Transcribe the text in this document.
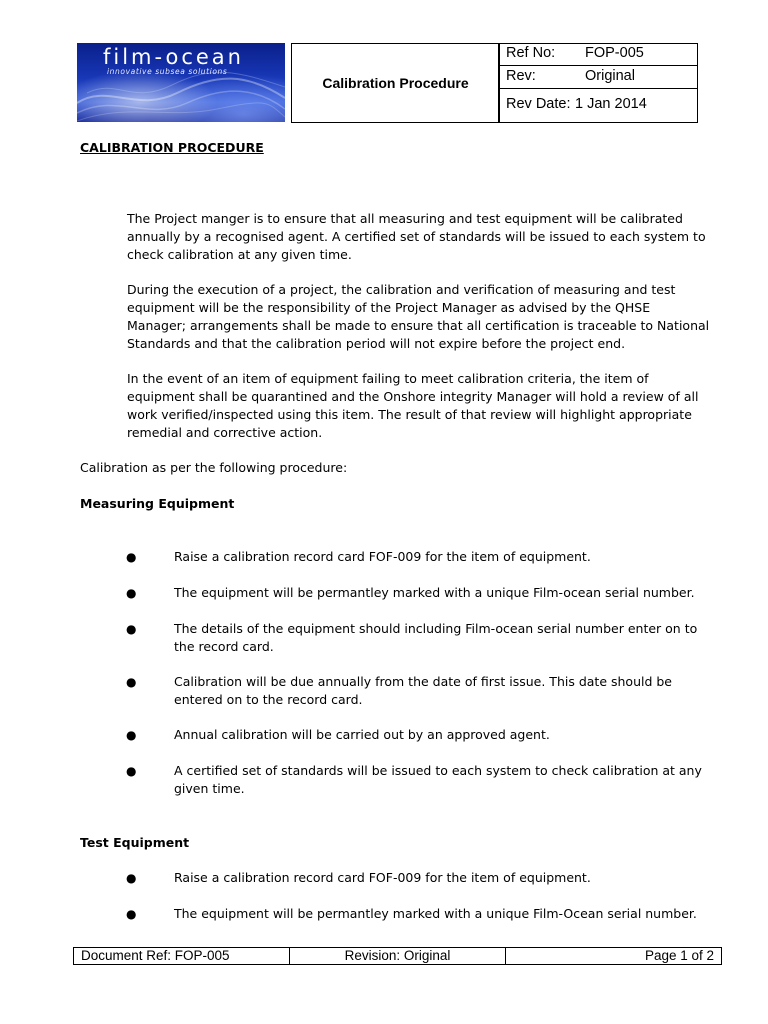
film-ocean
innovative subsea solutions
Calibration Procedure
Ref No: FOP-005
Rev:	Original
Rev Date: 1 Jan 2014
CALIBRATION PROCEDURE
The Project manger is to ensure that all measuring and test equipment will be calibrated
annually by a recognised agent. A certified set of standards will be issued to each system to
check calibration at any given time.
During the execution of a project, the calibration and verification of measuring and test
equipment will be the responsibility of the Project Manager as advised by the QHSE
Manager; arrangements shall be made to ensure that all certification is traceable to National
Standards and that the calibration period will not expire before the project end.
In the event of an item of equipment failing to meet calibration criteria, the item of
equipment shall be quarantined and the Onshore integrity Manager will hold a review of all
work verified/inspected using this item. The result of that review will highlight appropriate
remedial and corrective action.
Calibration as per the following procedure:
Measuring Equipment
●	Raise a calibration record card FOF-009 for the item of equipment.
●	The equipment will be permantley marked with a unique Film-ocean serial number.
●	The details of the equipment should including Film-ocean serial number enter on to
the record card.
●	Calibration will be due annually from the date of first issue. This date should be
entered on to the record card.
●	Annual calibration will be carried out by an approved agent.
●	A certified set of standards will be issued to each system to check calibration at any
given time.
Test Equipment
●	Raise a calibration record card FOF-009 for the item of equipment.
●	The equipment will be permantley marked with a unique Film-Ocean serial number.
Document Ref: FOP-005	Revision: Original	Page 1 of 2
